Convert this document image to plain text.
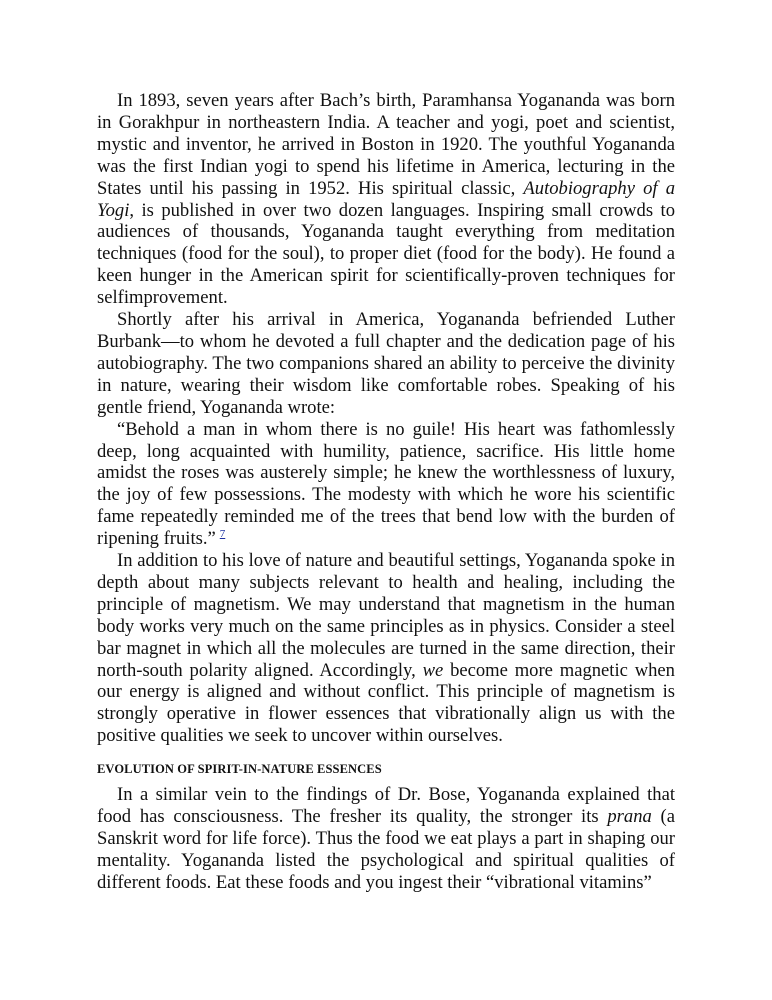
In 1893, seven years after Bach’s birth, Paramhansa Yogananda was born in Gorakhpur in northeastern India. A teacher and yogi, poet and scientist, mystic and inventor, he arrived in Boston in 1920. The youthful Yogananda was the first Indian yogi to spend his lifetime in America, lecturing in the States until his passing in 1952. His spiritual classic, Autobiography of a Yogi, is published in over two dozen languages. Inspiring small crowds to audiences of thousands, Yogananda taught everything from meditation techniques (food for the soul), to proper diet (food for the body). He found a keen hunger in the American spirit for scientifically-proven techniques for selfimprovement.

Shortly after his arrival in America, Yogananda befriended Luther Burbank—to whom he devoted a full chapter and the dedication page of his autobiography. The two companions shared an ability to perceive the divinity in nature, wearing their wisdom like comfortable robes. Speaking of his gentle friend, Yogananda wrote:

“Behold a man in whom there is no guile! His heart was fathomlessly deep, long acquainted with humility, patience, sacrifice. His little home amidst the roses was austerely simple; he knew the worthlessness of luxury, the joy of few possessions. The modesty with which he wore his scientific fame repeatedly reminded me of the trees that bend low with the burden of ripening fruits.” $^7$

In addition to his love of nature and beautiful settings, Yogananda spoke in depth about many subjects relevant to health and healing, including the principle of magnetism. We may understand that magnetism in the human body works very much on the same principles as in physics. Consider a steel bar magnet in which all the molecules are turned in the same direction, their north-south polarity aligned. Accordingly, we become more magnetic when our energy is aligned and without conflict. This principle of magnetism is strongly operative in flower essences that vibrationally align us with the positive qualities we seek to uncover within ourselves.

EVOLUTION OF SPIRIT-IN-NATURE ESSENCES

In a similar vein to the findings of Dr. Bose, Yogananda explained that food has consciousness. The fresher its quality, the stronger its prana (a Sanskrit word for life force). Thus the food we eat plays a part in shaping our mentality. Yogananda listed the psychological and spiritual qualities of different foods. Eat these foods and you ingest their “vibrational vitamins”
